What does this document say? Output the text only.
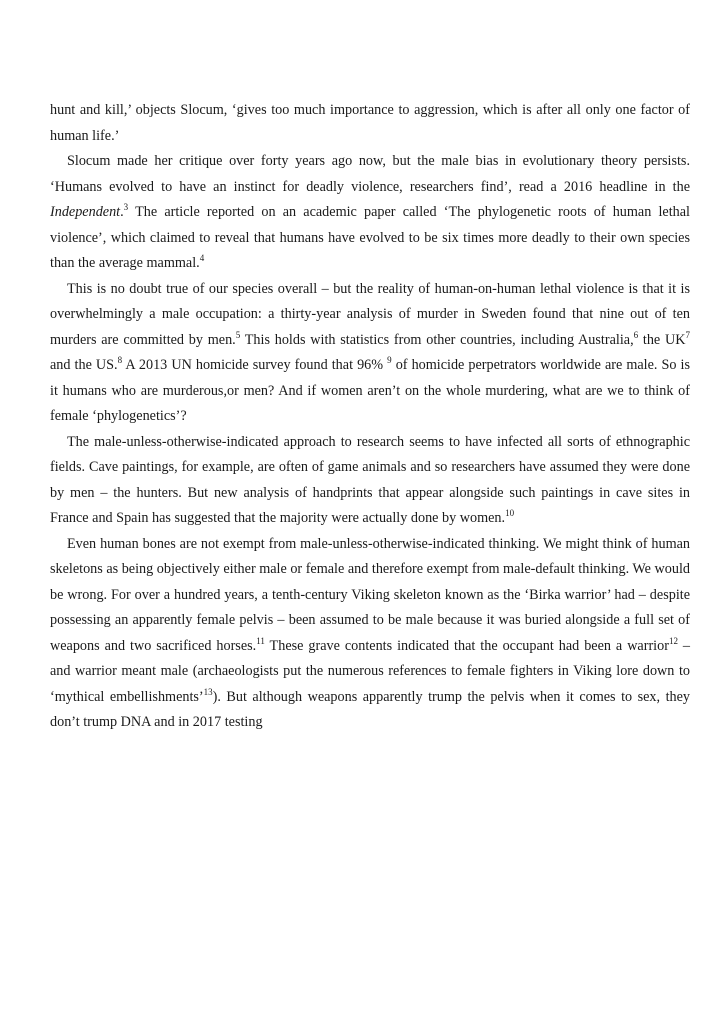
hunt and kill,’ objects Slocum, ‘gives too much importance to aggression, which is after all only one factor of human life.’

Slocum made her critique over forty years ago now, but the male bias in evolutionary theory persists. ‘Humans evolved to have an instinct for deadly violence, researchers find’, read a 2016 headline in the Independent.$^3$ The article reported on an academic paper called ‘The phylogenetic roots of human lethal violence’, which claimed to reveal that humans have evolved to be six times more deadly to their own species than the average mammal.$^4$

This is no doubt true of our species overall – but the reality of human-on-human lethal violence is that it is overwhelmingly a male occupation: a thirty-year analysis of murder in Sweden found that nine out of ten murders are committed by men.$^5$ This holds with statistics from other countries, including Australia,$^6$ the $UK^7$ and the US.$^8$ A 2013 UN homicide survey found that 96% $^9$ of homicide perpetrators worldwide are male. So is it humans who are murderous,or men? And if women aren’t on the whole murdering, what are we to think of female ‘phylogenetics’?

The male-unless-otherwise-indicated approach to research seems to have infected all sorts of ethnographic fields. Cave paintings, for example, are often of game animals and so researchers have assumed they were done by men – the hunters. But new analysis of handprints that appear alongside such paintings in cave sites in France and Spain has suggested that the majority were actually done by women.$^{10}$

Even human bones are not exempt from male-unless-otherwise-indicated thinking. We might think of human skeletons as being objectively either male or female and therefore exempt from male-default thinking. We would be wrong. For over a hundred years, a tenth-century Viking skeleton known as the ‘Birka warrior’ had – despite possessing an apparently female pelvis – been assumed to be male because it was buried alongside a full set of weapons and two sacrificed horses.$^{11}$ These grave contents indicated that the occupant had been a warrior$^{12}$ – and warrior meant male (archaeologists put the numerous references to female fighters in Viking lore down to ‘mythical embellishments’$^{13}$). But although weapons apparently trump the pelvis when it comes to sex, they don’t trump DNA and in 2017 testing
